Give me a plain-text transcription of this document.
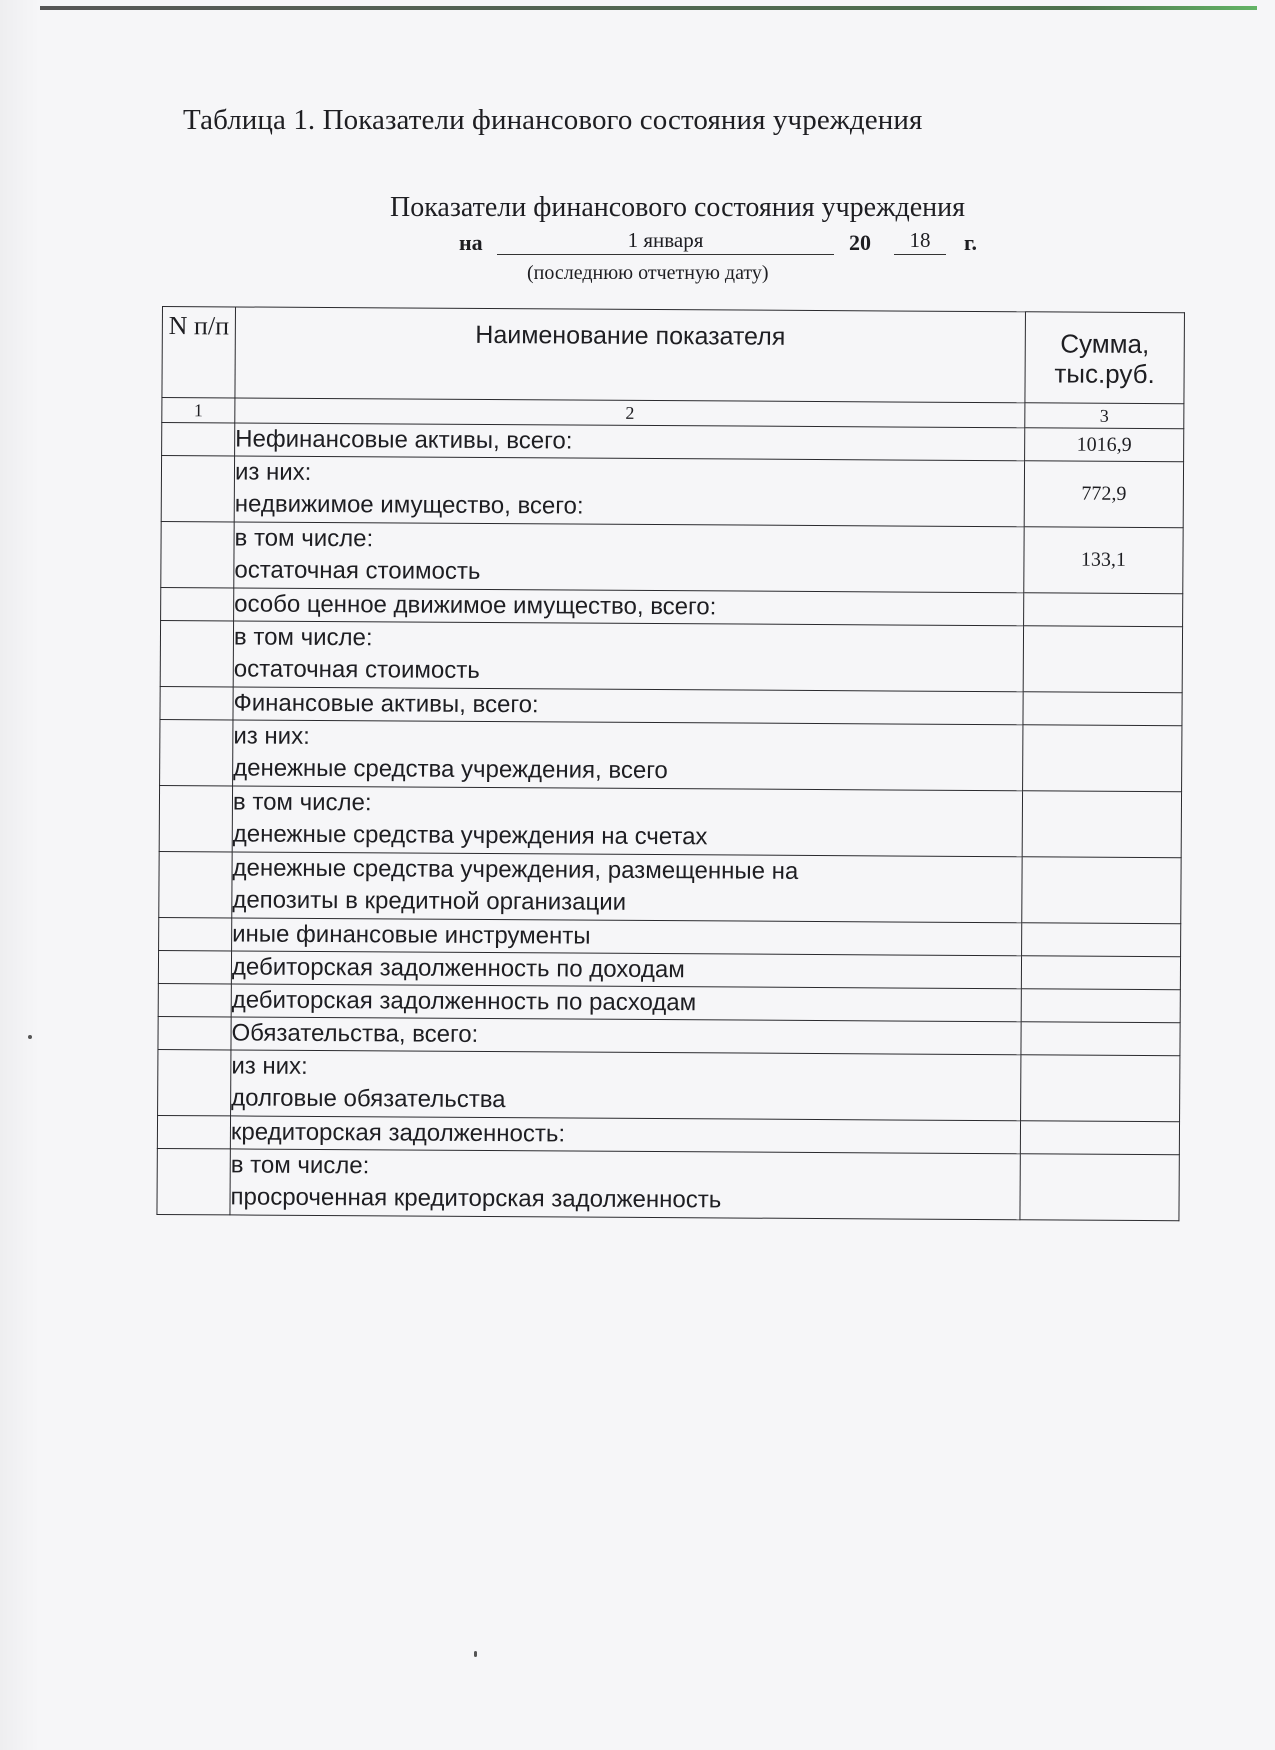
Таблица 1. Показатели финансового состояния учреждения
Показатели финансового состояния учреждения
на	1 января	20	18	г.
(последнюю отчетную дату)
N п/п	Наименование показателя	Сумма, тыс.руб.
1	2	3

	Нефинансовые активы, всего:	1016,9

	из них:
недвижимое имущество, всего:	772,9

	в том числе:
остаточная стоимость	133,1

	особо ценное движимое имущество, всего:	

	в том числе:
остаточная стоимость	

	Финансовые активы, всего:	

	из них:
денежные средства учреждения, всего	

	в том числе:
денежные средства учреждения на счетах	

	денежные средства учреждения, размещенные на
депозиты в кредитной организации	

	иные финансовые инструменты	

	дебиторская задолженность по доходам	

	дебиторская задолженность по расходам	

	Обязательства, всего:	

	из них:
долговые обязательства	

	кредиторская задолженность:	

	в том числе:
просроченная кредиторская задолженность	
